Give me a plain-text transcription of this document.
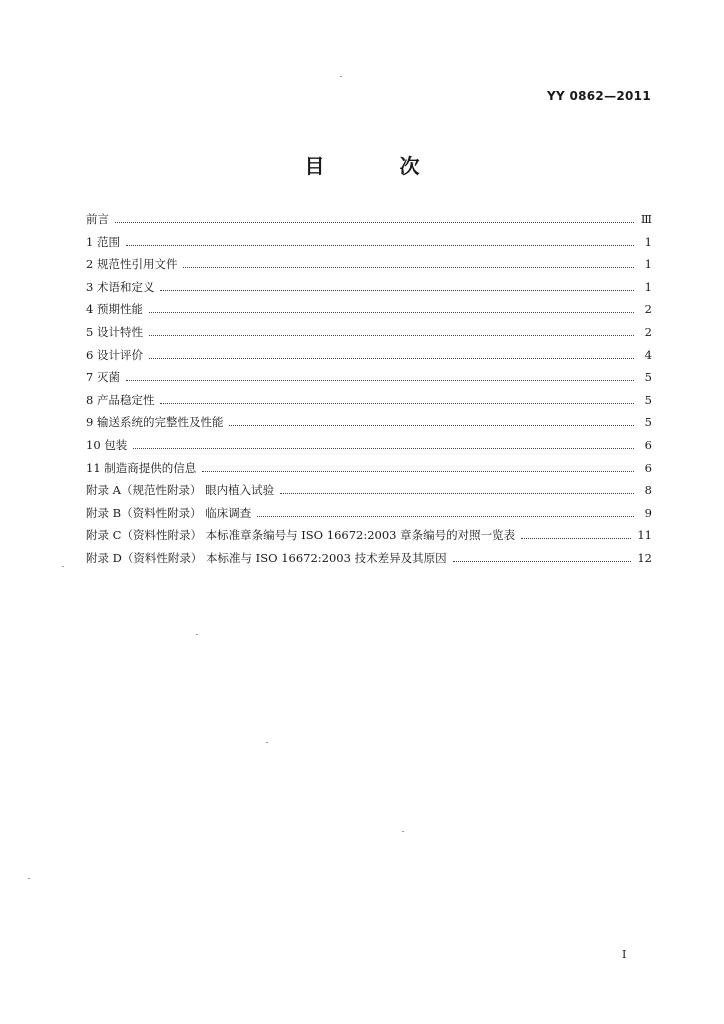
YY 0862—2011
目 次
前言	Ⅲ
1 范围	1
2 规范性引用文件	1
3 术语和定义	1
4 预期性能	2
5 设计特性	2
6 设计评价	4
7 灭菌	5
8 产品稳定性	5
9 输送系统的完整性及性能	5
10 包装	6
11 制造商提供的信息	6
附录 A（规范性附录） 眼内植入试验	8
附录 B（资料性附录） 临床调查	9
附录 C（资料性附录） 本标准章条编号与 ISO 16672:2003 章条编号的对照一览表	11
附录 D（资料性附录） 本标准与 ISO 16672:2003 技术差异及其原因	12
I
